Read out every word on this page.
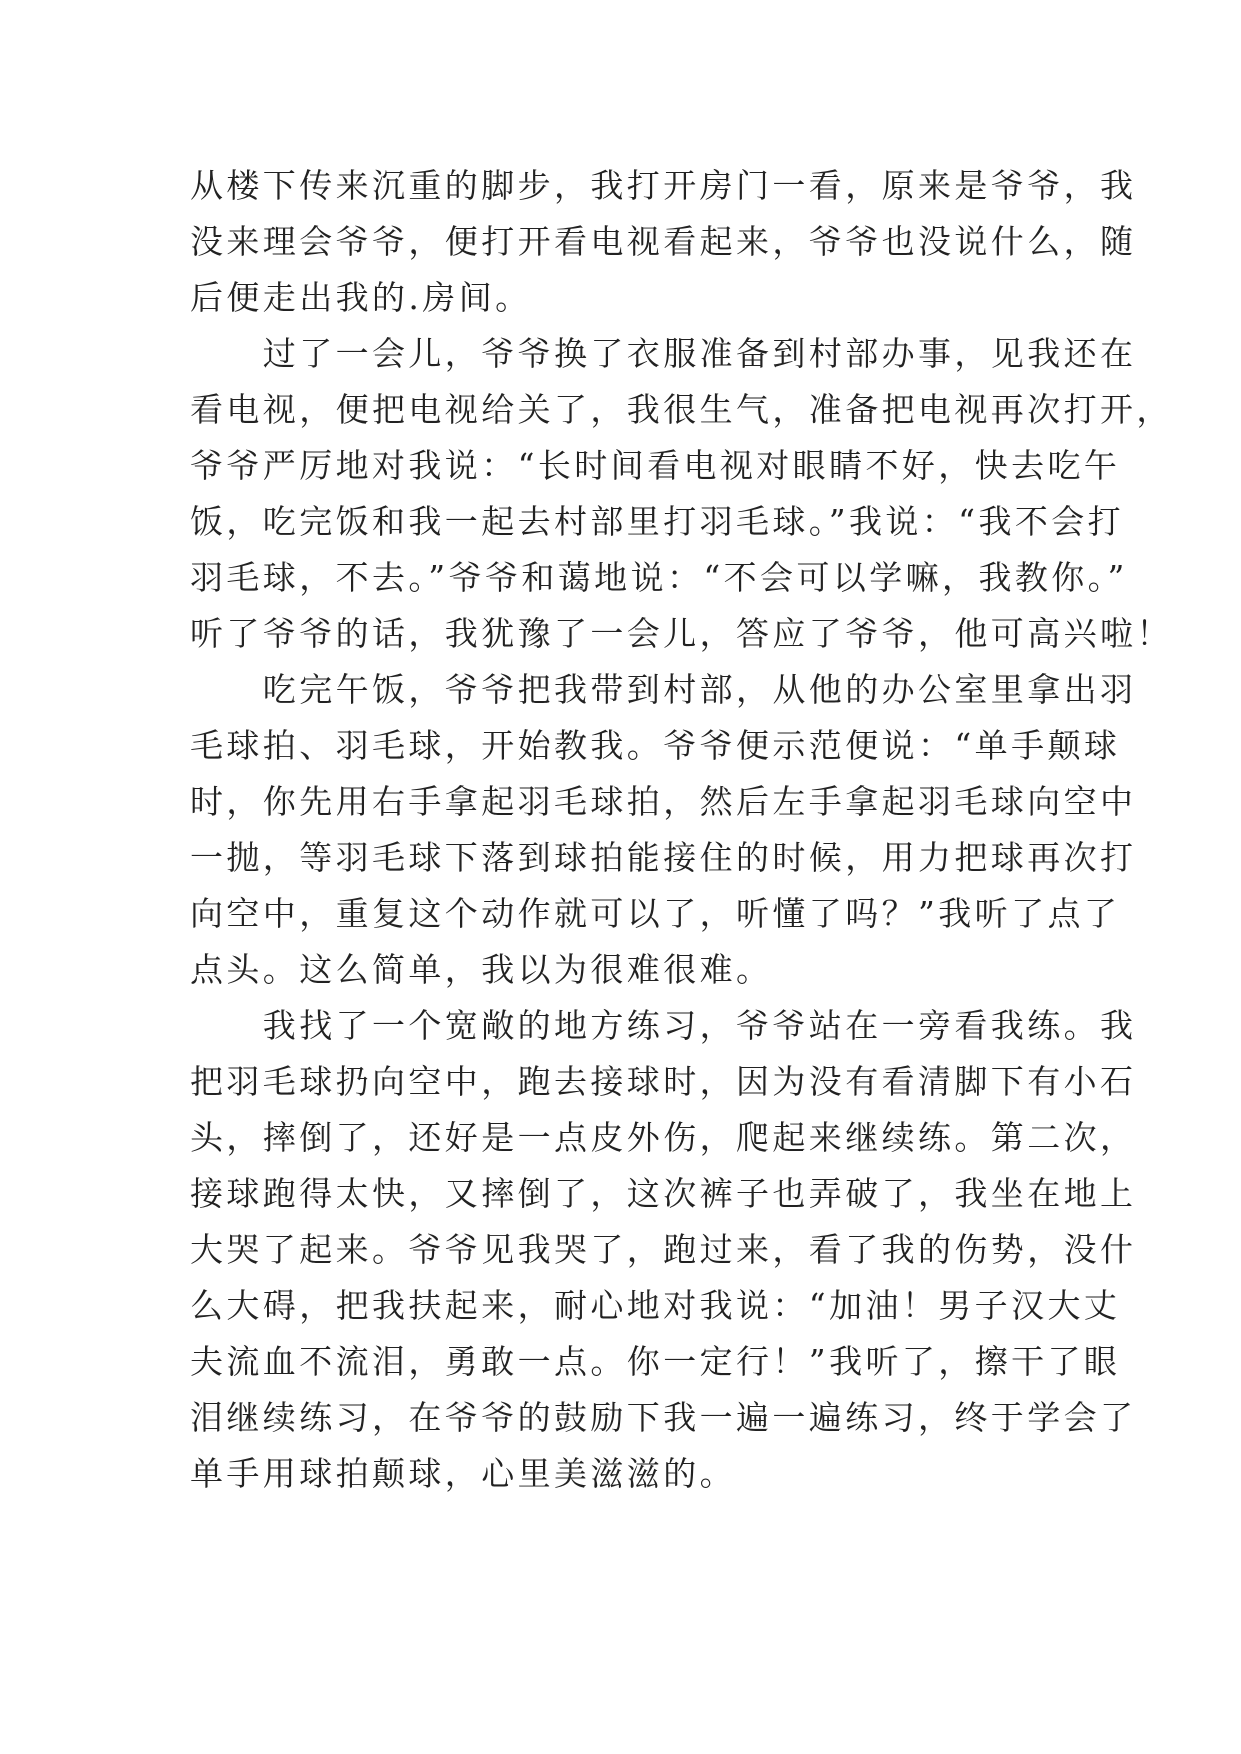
从楼下传来沉重的脚步，我打开房门一看，原来是爷爷，我
没来理会爷爷，便打开看电视看起来，爷爷也没说什么，随
后便走出我的.房间。
　　过了一会儿，爷爷换了衣服准备到村部办事，见我还在
看电视，便把电视给关了，我很生气，准备把电视再次打开，
爷爷严厉地对我说：“长时间看电视对眼睛不好，快去吃午
饭，吃完饭和我一起去村部里打羽毛球。”我说：“我不会打
羽毛球，不去。”爷爷和蔼地说：“不会可以学嘛，我教你。”
听了爷爷的话，我犹豫了一会儿，答应了爷爷，他可高兴啦！
　　吃完午饭，爷爷把我带到村部，从他的办公室里拿出羽
毛球拍、羽毛球，开始教我。爷爷便示范便说：“单手颠球
时，你先用右手拿起羽毛球拍，然后左手拿起羽毛球向空中
一抛，等羽毛球下落到球拍能接住的时候，用力把球再次打
向空中，重复这个动作就可以了，听懂了吗？”我听了点了
点头。这么简单，我以为很难很难。
　　我找了一个宽敞的地方练习，爷爷站在一旁看我练。我
把羽毛球扔向空中，跑去接球时，因为没有看清脚下有小石
头，摔倒了，还好是一点皮外伤，爬起来继续练。第二次，
接球跑得太快，又摔倒了，这次裤子也弄破了，我坐在地上
大哭了起来。爷爷见我哭了，跑过来，看了我的伤势，没什
么大碍，把我扶起来，耐心地对我说：“加油！男子汉大丈
夫流血不流泪，勇敢一点。你一定行！”我听了，擦干了眼
泪继续练习，在爷爷的鼓励下我一遍一遍练习，终于学会了
单手用球拍颠球，心里美滋滋的。
